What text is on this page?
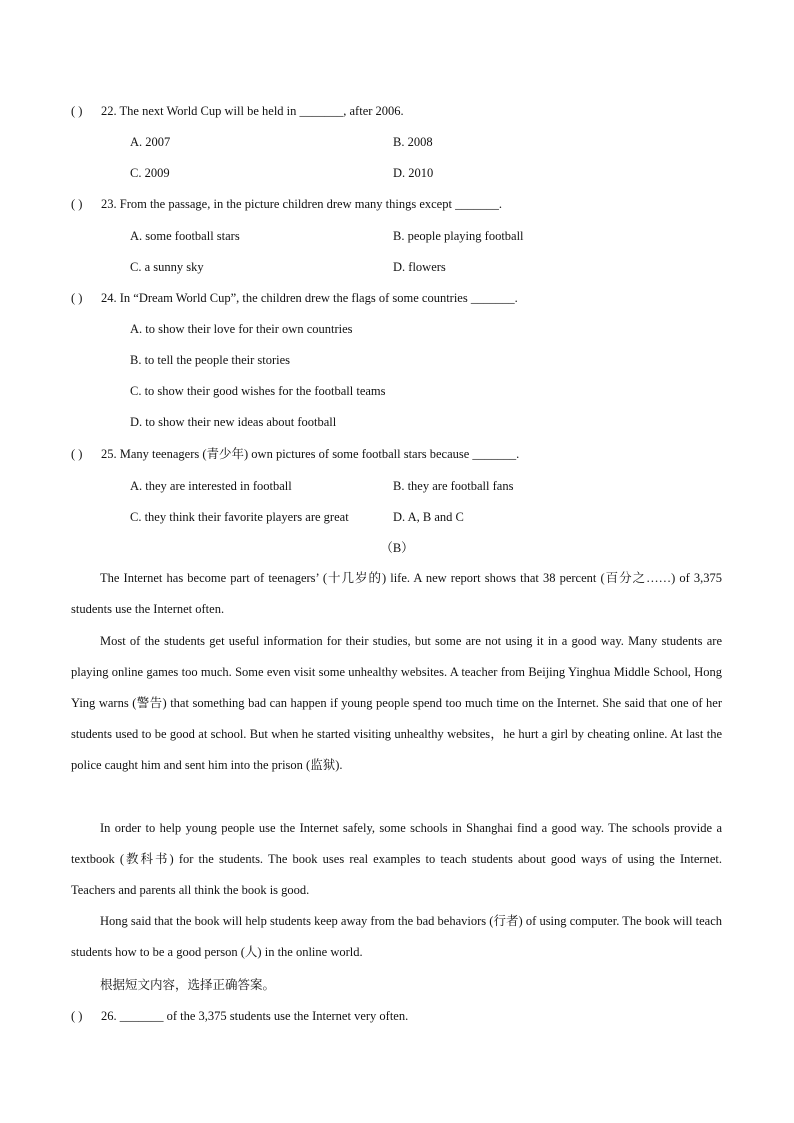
( ) 22. The next World Cup will be held in _______, after 2006.
A. 2007	B. 2008
C. 2009	D. 2010
( ) 23. From the passage, in the picture children drew many things except _______.
A. some football stars	B. people playing football
C. a sunny sky	D. flowers
( ) 24. In “Dream World Cup”, the children drew the flags of some countries _______.
A. to show their love for their own countries
B. to tell the people their stories
C. to show their good wishes for the football teams
D. to show their new ideas about football
( ) 25. Many teenagers (青少年) own pictures of some football stars because _______.
A. they are interested in football	B. they are football fans
C. they think their favorite players are great	D. A, B and C
（B）
The Internet has become part of teenagers’ (十几岁的) life. A new report shows that 38 percent (百分之……) of 3,375 students use the Internet often.
Most of the students get useful information for their studies, but some are not using it in a good way. Many students are playing online games too much. Some even visit some unhealthy websites. A teacher from Beijing Yinghua Middle School, Hong Ying warns (警告) that something bad can happen if young people spend too much time on the Internet. She said that one of her students used to be good at school. But when he started visiting unhealthy websites，he hurt a girl by cheating online. At last the police caught him and sent him into the prison (监狱).
In order to help young people use the Internet safely, some schools in Shanghai find a good way. The schools provide a textbook (教科书) for the students. The book uses real examples to teach students about good ways of using the Internet. Teachers and parents all think the book is good.
Hong said that the book will help students keep away from the bad behaviors (行者) of using computer. The book will teach students how to be a good person (人) in the online world.
根据短文内容，选择正确答案。
( ) 26. _______ of the 3,375 students use the Internet very often.
